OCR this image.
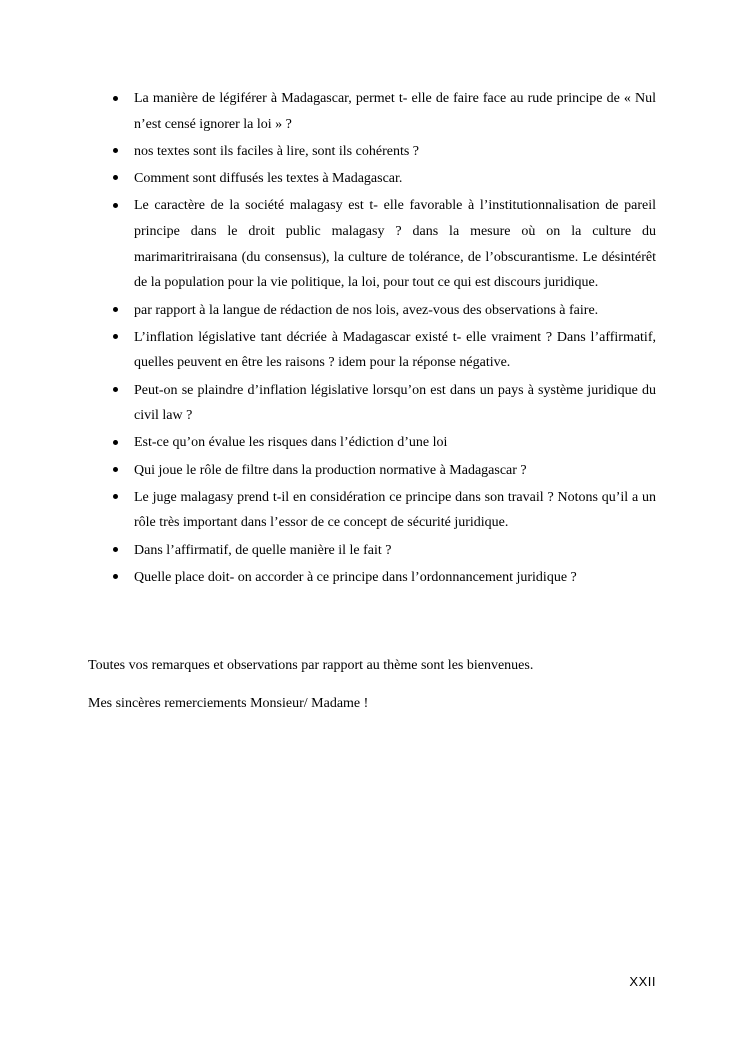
La manière de légiférer à Madagascar, permet t- elle de faire face au rude principe de « Nul n’est censé ignorer la loi » ?
nos textes sont ils faciles à lire, sont ils cohérents ?
Comment sont diffusés les textes à Madagascar.
Le caractère de la société malagasy est t- elle favorable à l’institutionnalisation de pareil principe dans le droit public malagasy ? dans la mesure où on la culture du marimaritriraisana (du consensus), la culture de tolérance, de l’obscurantisme. Le désintérêt de la population pour la vie politique, la loi, pour tout ce qui est discours juridique.
par rapport à la langue de rédaction de nos lois, avez-vous des observations à faire.
L’inflation législative tant décriée à Madagascar existé t- elle vraiment ? Dans l’affirmatif, quelles peuvent en être les raisons ? idem pour la réponse négative.
Peut-on se plaindre d’inflation législative lorsqu’on est dans un pays à système juridique du civil law ?
Est-ce qu’on évalue les risques dans l’édiction d’une loi
Qui joue le rôle de filtre dans la production normative à Madagascar ?
Le juge malagasy prend t-il en considération ce principe dans son travail ? Notons qu’il a un rôle très important dans l’essor de ce concept de sécurité juridique.
Dans l’affirmatif, de quelle manière il le fait ?
Quelle place doit- on accorder à ce principe dans l’ordonnancement juridique ?

Toutes vos remarques et observations par rapport au thème sont les bienvenues.

Mes sincères remerciements Monsieur/ Madame !

XXII
